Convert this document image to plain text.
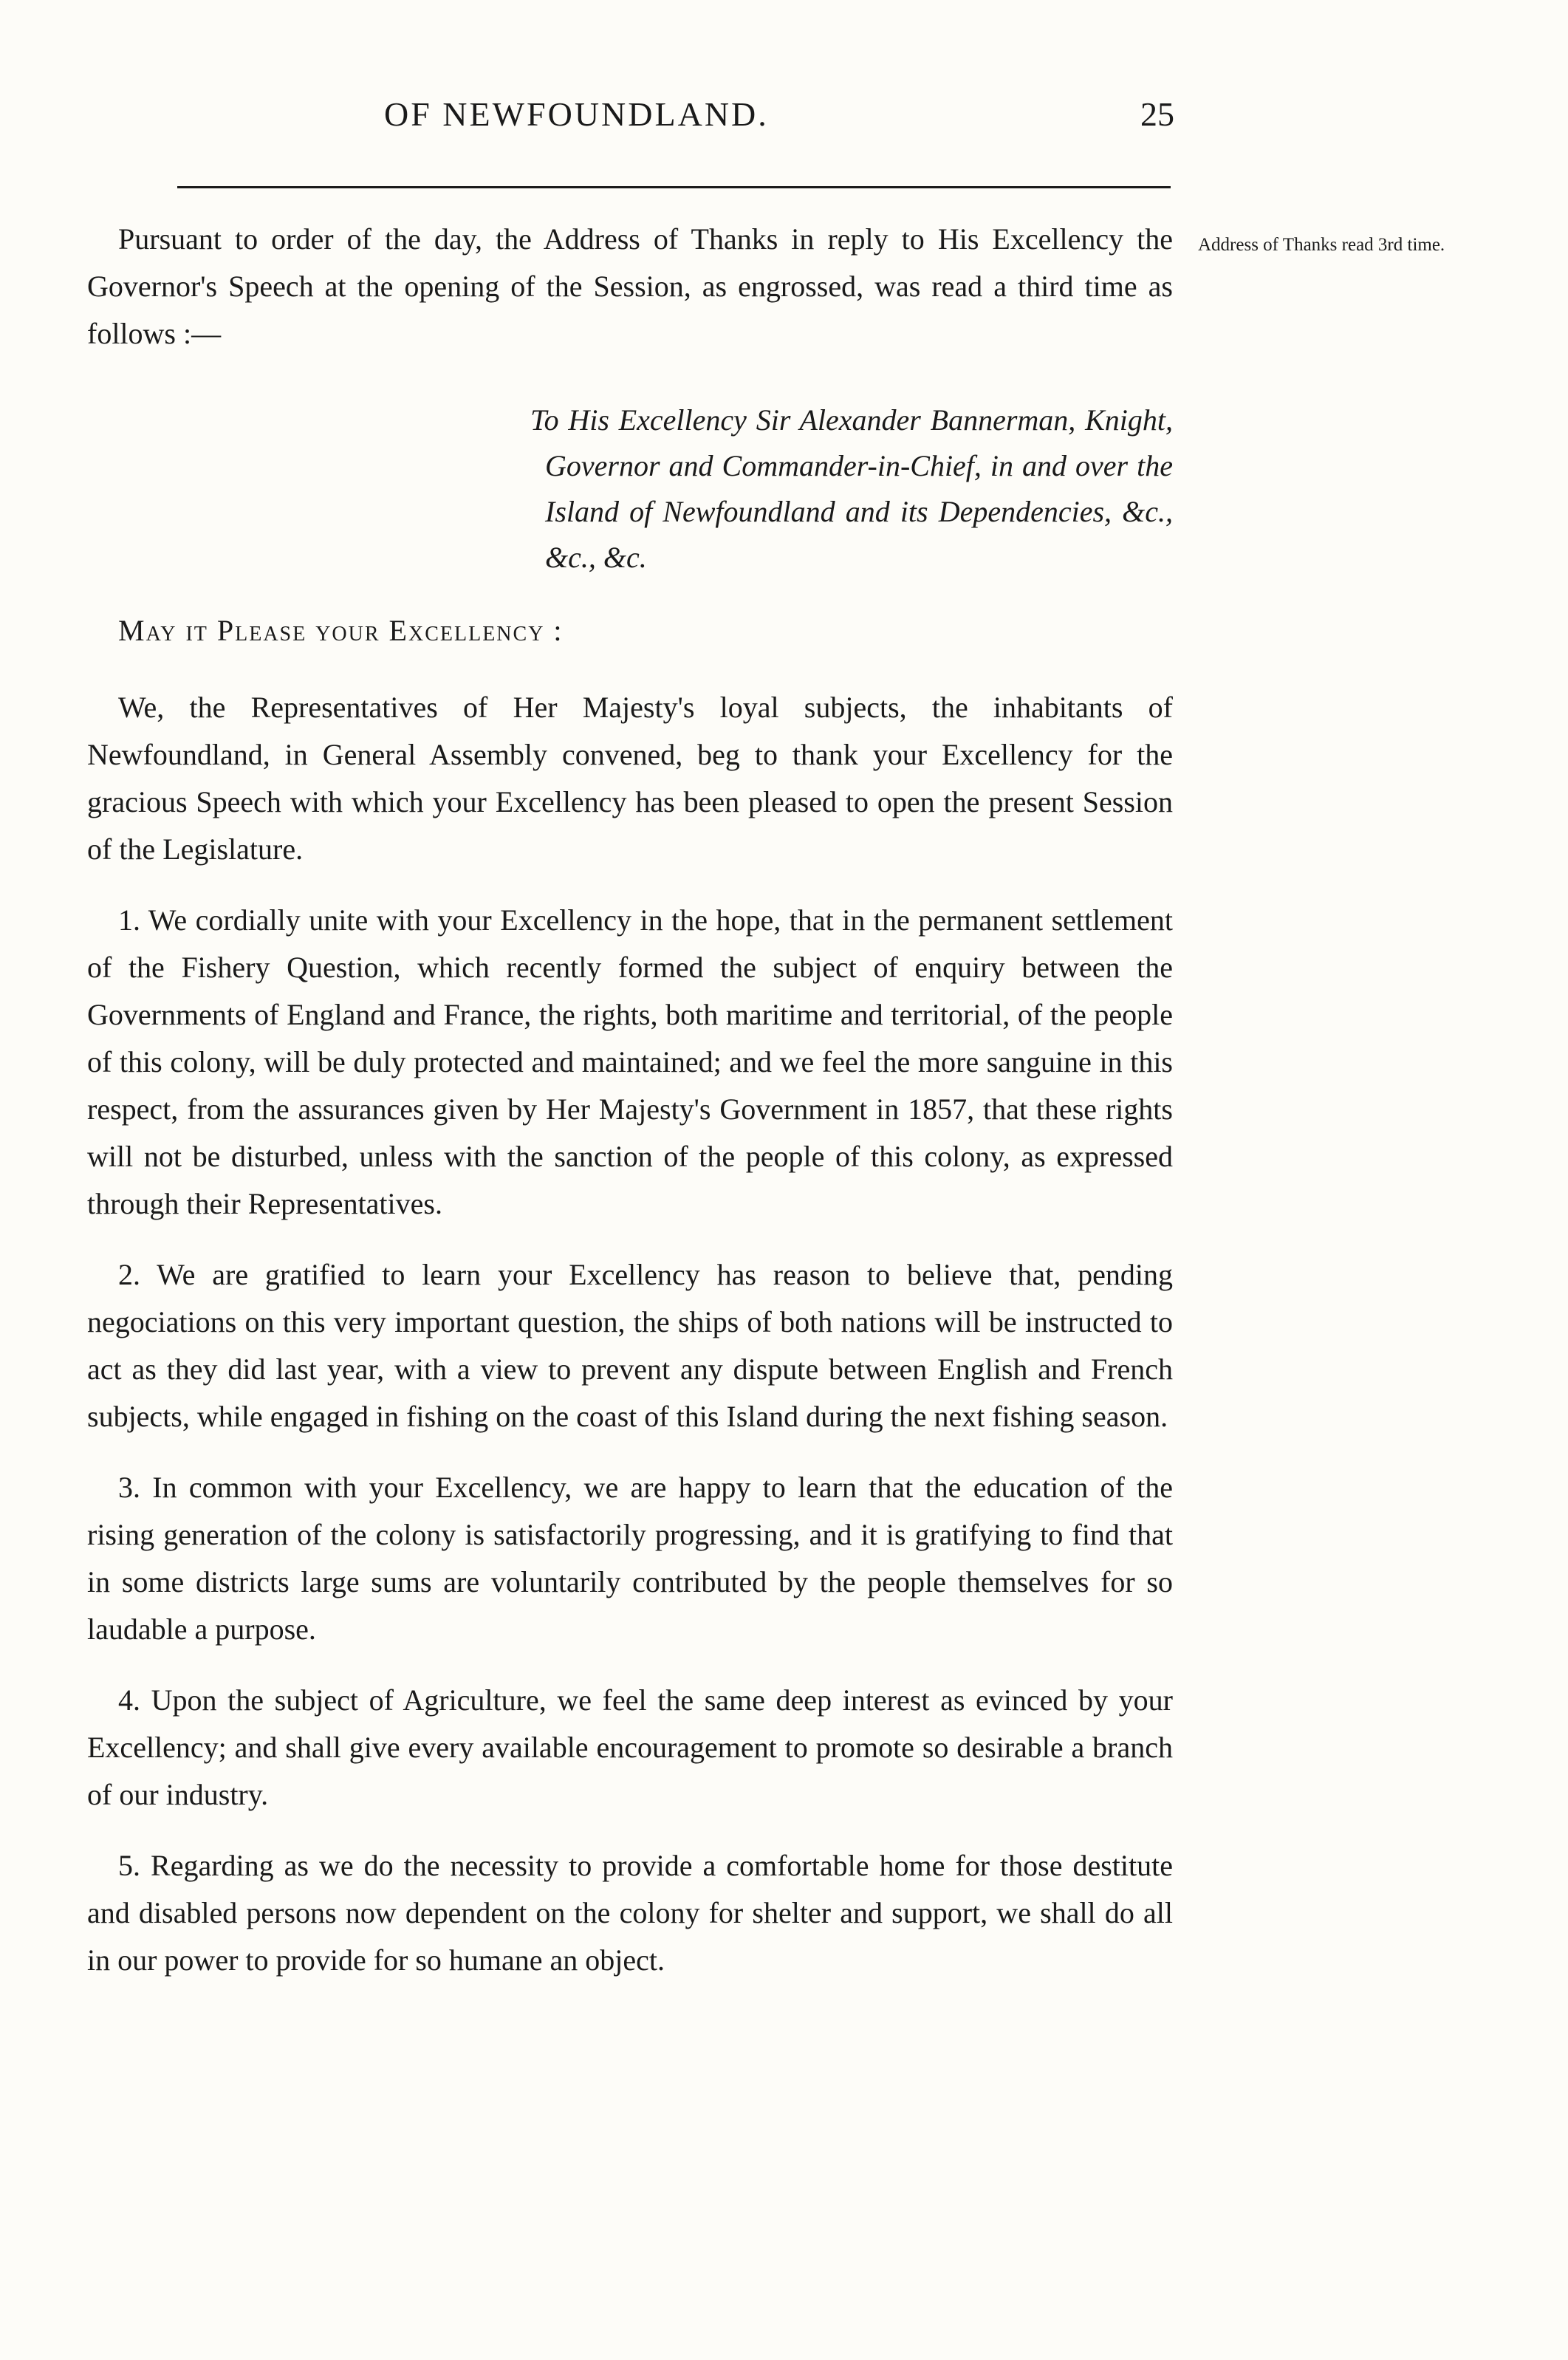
OF NEWFOUNDLAND.	25
Address of Thanks read 3rd time.

Pursuant to order of the day, the Address of Thanks in reply to His Excellency the Governor's Speech at the opening of the Session, as engrossed, was read a third time as follows :—

To His Excellency Sir Alexander Bannerman, Knight, Governor and Commander-in-Chief, in and over the Island of Newfoundland and its Dependencies, &c., &c., &c.

May it Please your Excellency :

We, the Representatives of Her Majesty's loyal subjects, the inhabitants of Newfoundland, in General Assembly convened, beg to thank your Excellency for the gracious Speech with which your Excellency has been pleased to open the present Session of the Legislature.

1. We cordially unite with your Excellency in the hope, that in the permanent settlement of the Fishery Question, which recently formed the subject of enquiry between the Governments of England and France, the rights, both maritime and territorial, of the people of this colony, will be duly protected and maintained; and we feel the more sanguine in this respect, from the assurances given by Her Majesty's Government in 1857, that these rights will not be disturbed, unless with the sanction of the people of this colony, as expressed through their Representatives.

2. We are gratified to learn your Excellency has reason to believe that, pending negociations on this very important question, the ships of both nations will be instructed to act as they did last year, with a view to prevent any dispute between English and French subjects, while engaged in fishing on the coast of this Island during the next fishing season.

3. In common with your Excellency, we are happy to learn that the education of the rising generation of the colony is satisfactorily progressing, and it is gratifying to find that in some districts large sums are voluntarily contributed by the people themselves for so laudable a purpose.

4. Upon the subject of Agriculture, we feel the same deep interest as evinced by your Excellency; and shall give every available encouragement to promote so desirable a branch of our industry.

5. Regarding as we do the necessity to provide a comfortable home for those destitute and disabled persons now dependent on the colony for shelter and support, we shall do all in our power to provide for so humane an object.
